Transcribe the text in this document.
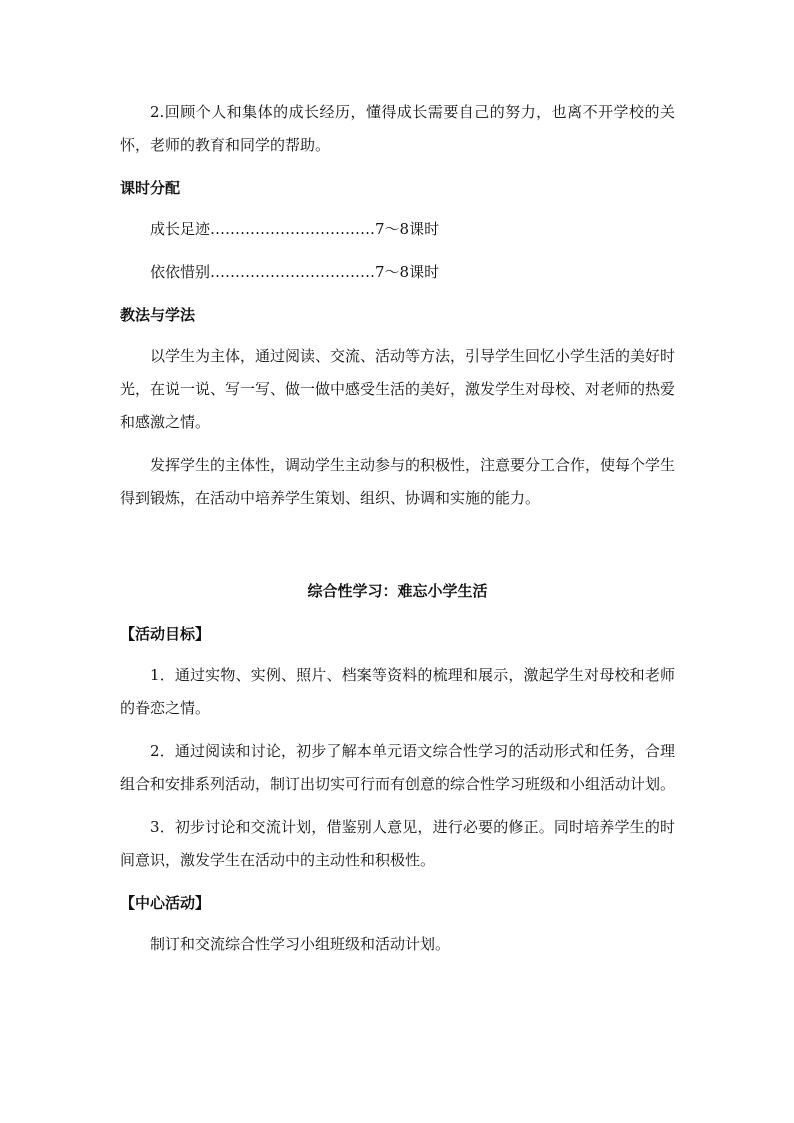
2.回顾个人和集体的成长经历，懂得成长需要自己的努力，也离不开学校的关怀，老师的教育和同学的帮助。

课时分配
成长足迹……………………………7～8课时
依依惜别……………………………7～8课时
教法与学法

以学生为主体，通过阅读、交流、活动等方法，引导学生回忆小学生活的美好时光，在说一说、写一写、做一做中感受生活的美好，激发学生对母校、对老师的热爱和感激之情。

发挥学生的主体性，调动学生主动参与的积极性，注意要分工合作，使每个学生得到锻炼，在活动中培养学生策划、组织、协调和实施的能力。

综合性学习：难忘小学生活
【活动目标】

1．通过实物、实例、照片、档案等资料的梳理和展示，激起学生对母校和老师的眷恋之情。

2．通过阅读和讨论，初步了解本单元语文综合性学习的活动形式和任务，合理组合和安排系列活动，制订出切实可行而有创意的综合性学习班级和小组活动计划。

3．初步讨论和交流计划，借鉴别人意见，进行必要的修正。同时培养学生的时间意识，激发学生在活动中的主动性和积极性。

【中心活动】

制订和交流综合性学习小组班级和活动计划。
